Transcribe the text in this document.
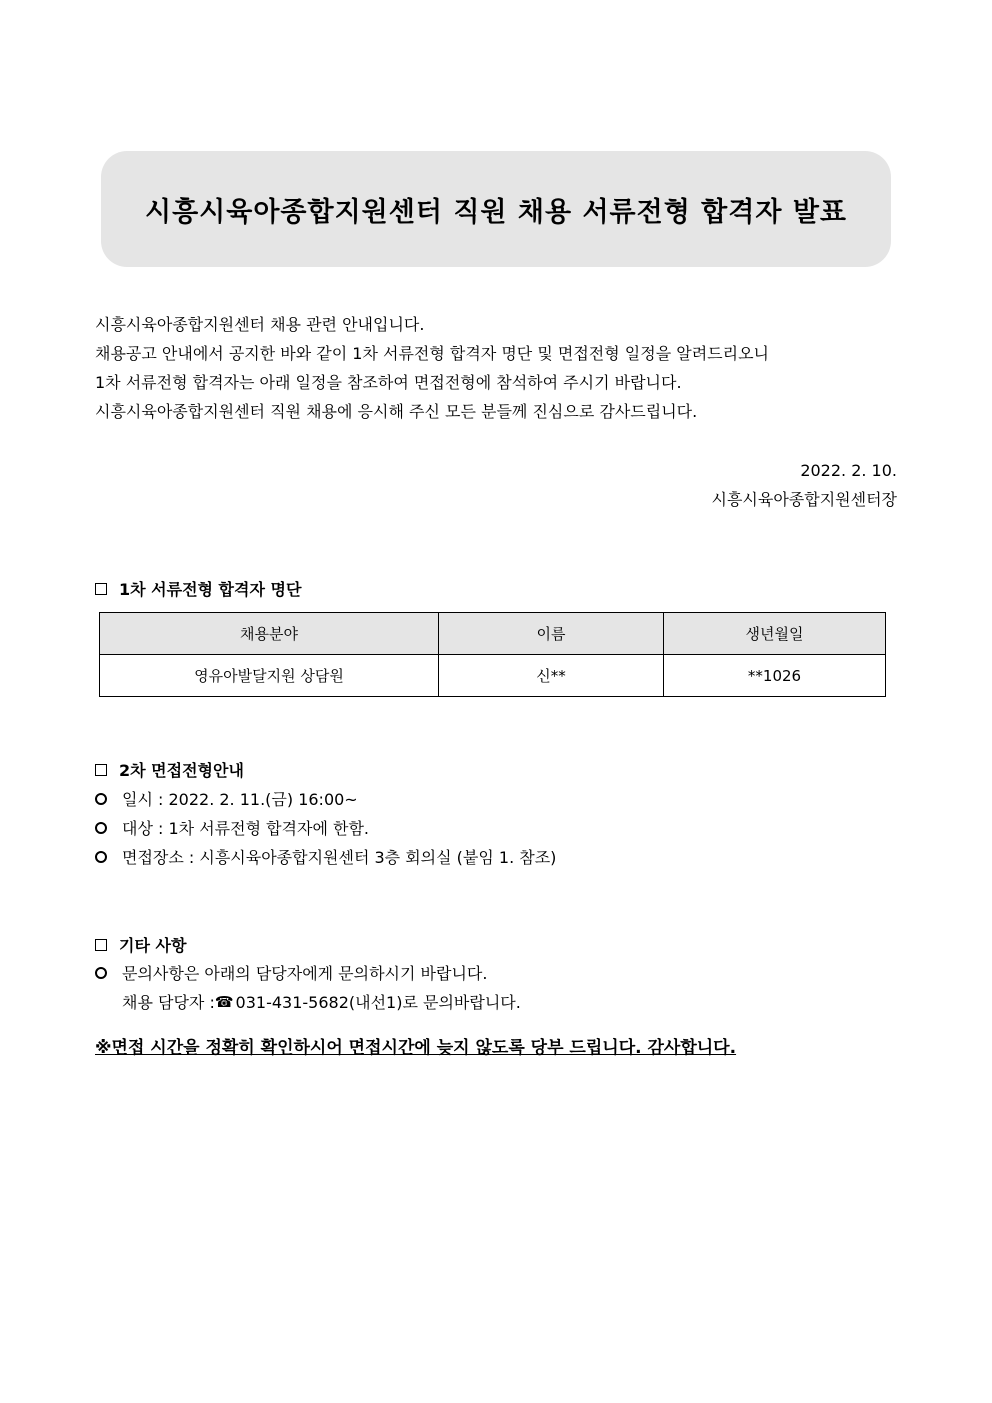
시흥시육아종합지원센터 직원 채용 서류전형 합격자 발표

시흥시육아종합지원센터 채용 관련 안내입니다.

채용공고 안내에서 공지한 바와 같이 1차 서류전형 합격자 명단 및 면접전형 일정을 알려드리오니

1차 서류전형 합격자는 아래 일정을 참조하여 면접전형에 참석하여 주시기 바랍니다.

시흥시육아종합지원센터 직원 채용에 응시해 주신 모든 분들께 진심으로 감사드립니다.

2022. 2. 10.

시흥시육아종합지원센터장

1차 서류전형 합격자 명단
채용분야	이름	생년월일
영유아발달지원 상담원	신**	**1026
2차 면접전형안내
일시 : 2022. 2. 11.(금) 16:00~
대상 : 1차 서류전형 합격자에 한함.
면접장소 : 시흥시육아종합지원센터 3층 회의실 (붙임 1. 참조)
기타 사항
문의사항은 아래의 담당자에게 문의하시기 바랍니다.
채용 담당자 : ☎ 031-431-5682(내선1)로 문의바랍니다.
※면접 시간을 정확히 확인하시어 면접시간에 늦지 않도록 당부 드립니다. 감사합니다.
